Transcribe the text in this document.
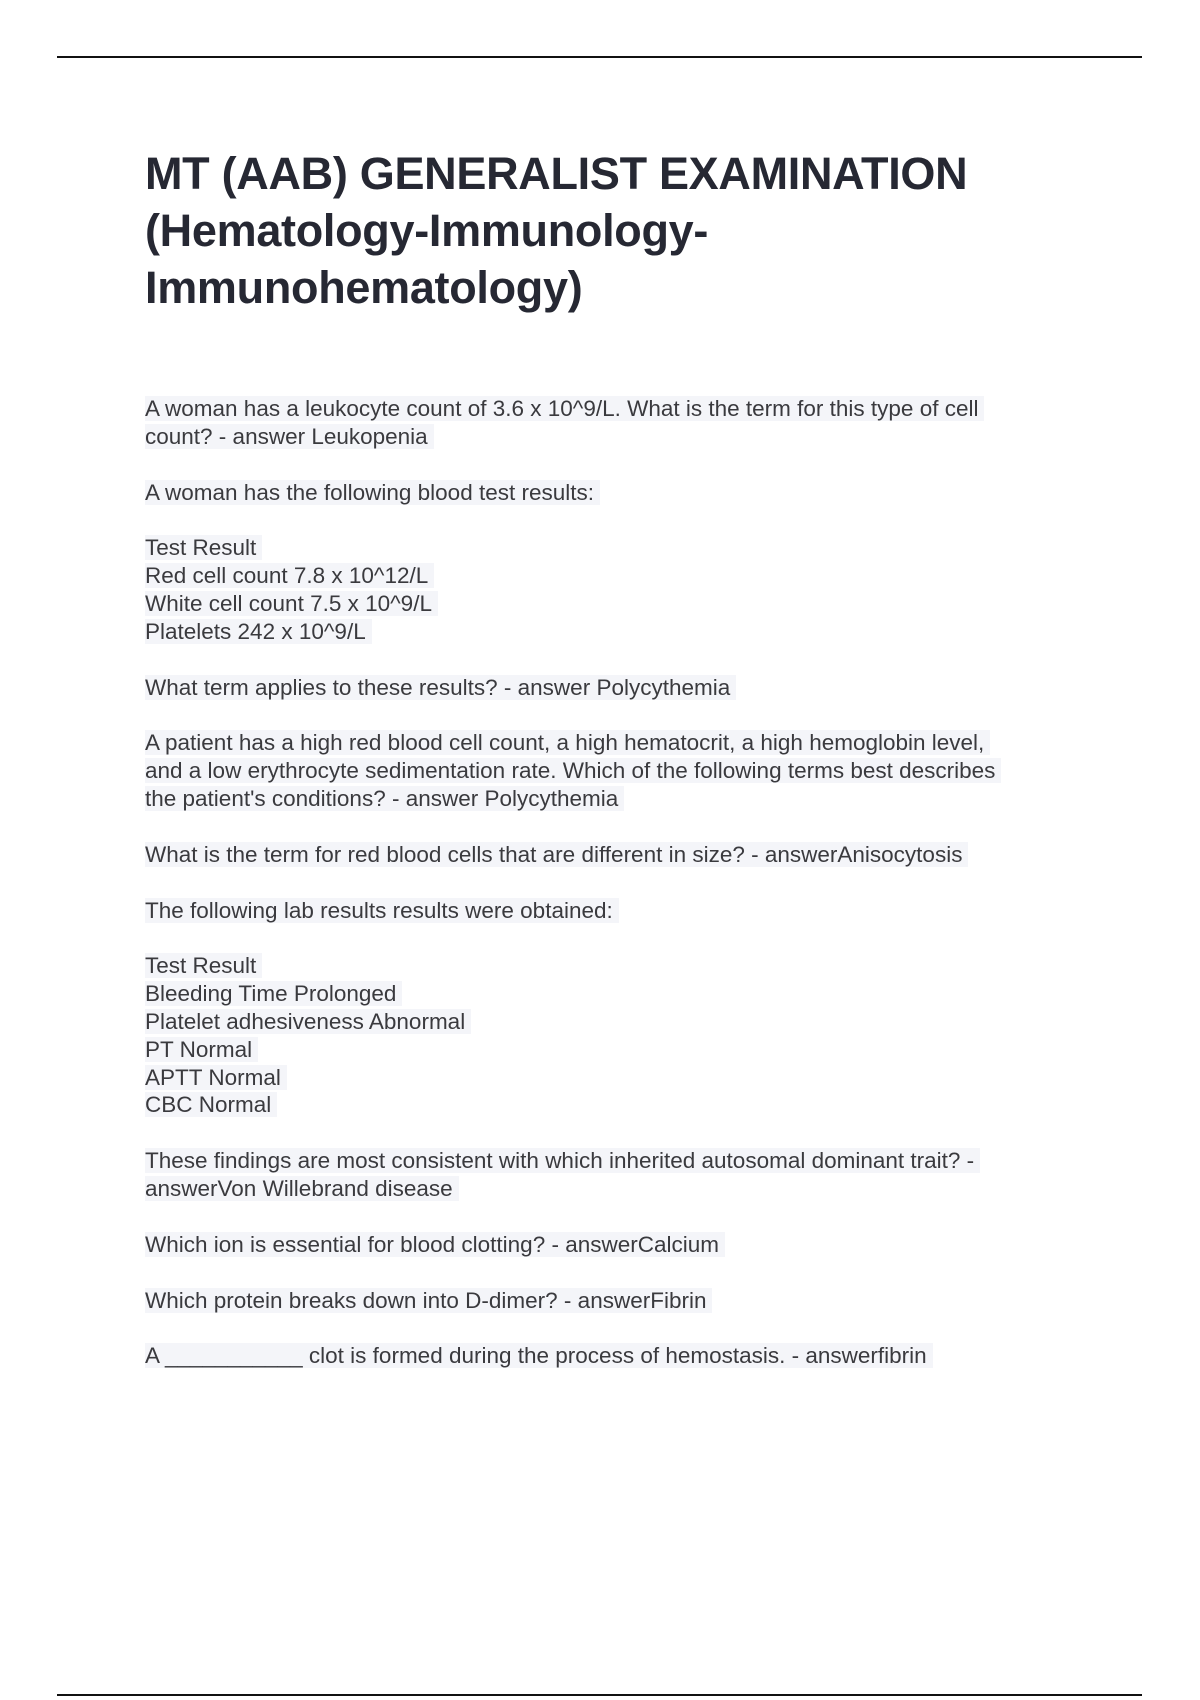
MT (AAB) GENERALIST EXAMINATION
(Hematology-Immunology-
Immunohematology)
A woman has a leukocyte count of 3.6 x 10^9/L. What is the term for this type of cell
count? - answer Leukopenia
A woman has the following blood test results:
Test Result
Red cell count 7.8 x 10^12/L
White cell count 7.5 x 10^9/L
Platelets 242 x 10^9/L
What term applies to these results? - answer Polycythemia
A patient has a high red blood cell count, a high hematocrit, a high hemoglobin level,
and a low erythrocyte sedimentation rate. Which of the following terms best describes
the patient's conditions? - answer Polycythemia
What is the term for red blood cells that are different in size? - answerAnisocytosis
The following lab results results were obtained:
Test Result
Bleeding Time Prolonged
Platelet adhesiveness Abnormal
PT Normal
APTT Normal
CBC Normal
These findings are most consistent with which inherited autosomal dominant trait? -
answerVon Willebrand disease
Which ion is essential for blood clotting? - answerCalcium
Which protein breaks down into D-dimer? - answerFibrin
A ___________ clot is formed during the process of hemostasis. - answerfibrin
